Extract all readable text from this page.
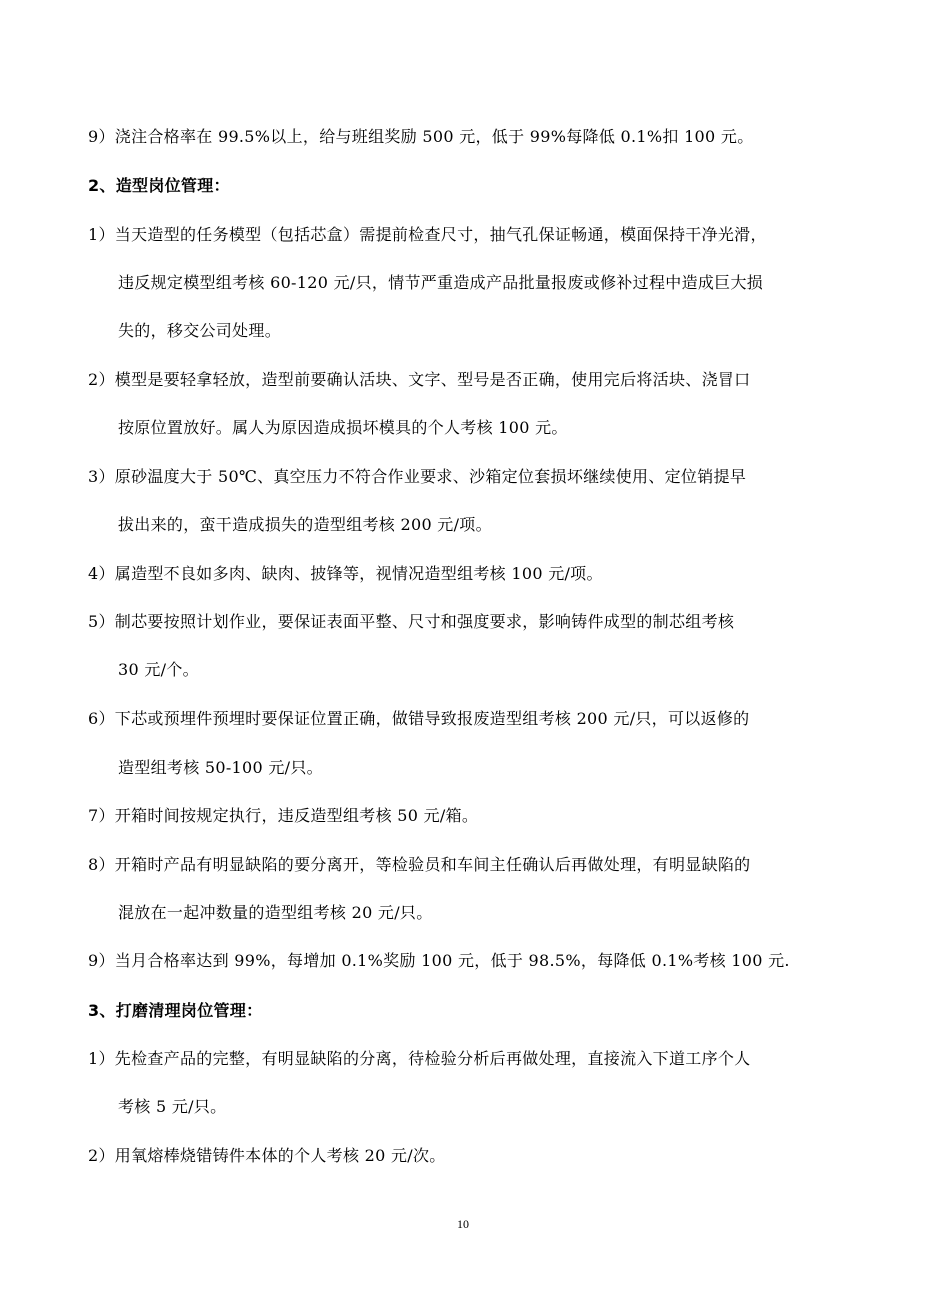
9）浇注合格率在 99.5%以上，给与班组奖励 500 元，低于 99%每降低 0.1%扣 100 元。
2、造型岗位管理：
1）当天造型的任务模型（包括芯盒）需提前检查尺寸，抽气孔保证畅通，模面保持干净光滑，
违反规定模型组考核 60-120 元/只，情节严重造成产品批量报废或修补过程中造成巨大损
失的，移交公司处理。
2）模型是要轻拿轻放，造型前要确认活块、文字、型号是否正确，使用完后将活块、浇冒口
按原位置放好。属人为原因造成损坏模具的个人考核 100 元。
3）原砂温度大于 50℃、真空压力不符合作业要求、沙箱定位套损坏继续使用、定位销提早
拔出来的，蛮干造成损失的造型组考核 200 元/项。
4）属造型不良如多肉、缺肉、披锋等，视情况造型组考核 100 元/项。
5）制芯要按照计划作业，要保证表面平整、尺寸和强度要求，影响铸件成型的制芯组考核
30 元/个。
6）下芯或预埋件预埋时要保证位置正确，做错导致报废造型组考核 200 元/只，可以返修的
造型组考核 50-100 元/只。
7）开箱时间按规定执行，违反造型组考核 50 元/箱。
8）开箱时产品有明显缺陷的要分离开，等检验员和车间主任确认后再做处理，有明显缺陷的
混放在一起冲数量的造型组考核 20 元/只。
9）当月合格率达到 99%，每增加 0.1%奖励 100 元，低于 98.5%，每降低 0.1%考核 100 元.
3、打磨清理岗位管理：
1）先检查产品的完整，有明显缺陷的分离，待检验分析后再做处理，直接流入下道工序个人
考核 5 元/只。
2）用氧熔棒烧错铸件本体的个人考核 20 元/次。
10
